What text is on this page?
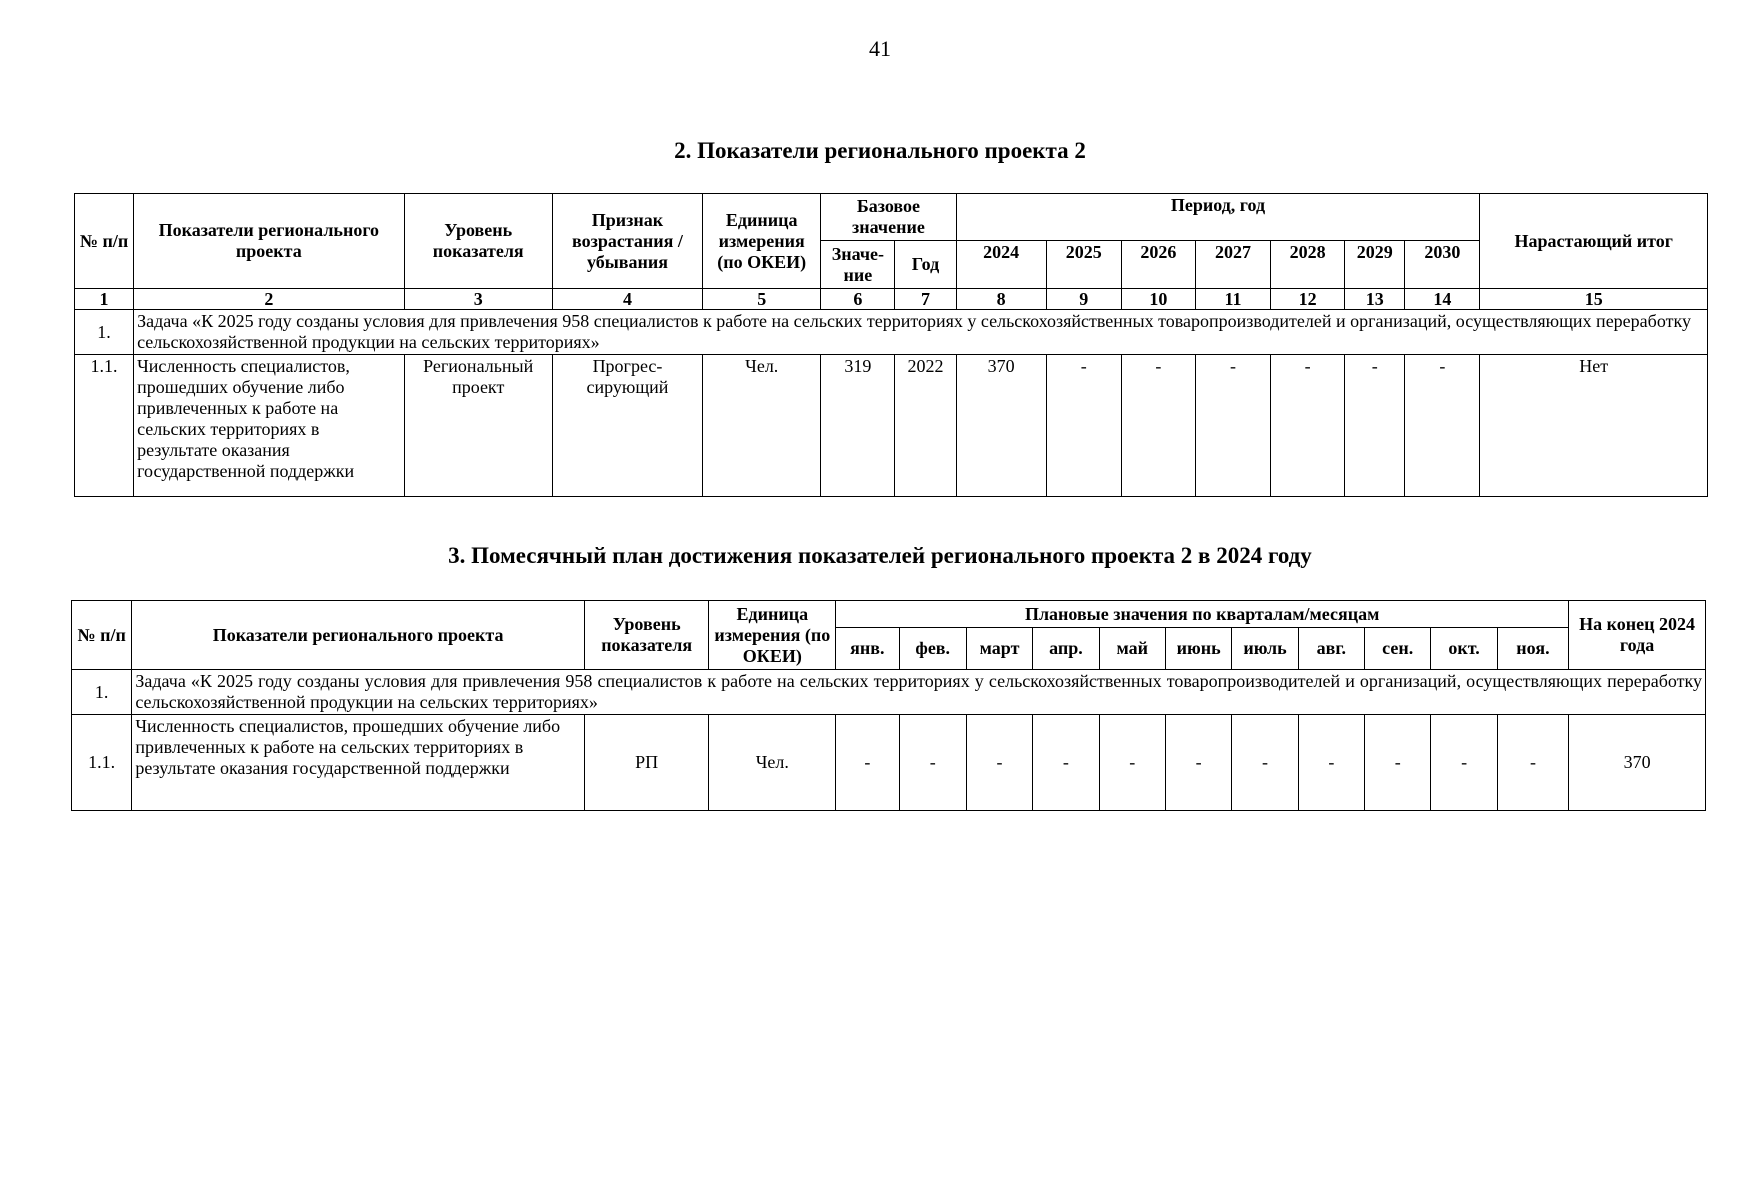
41
2. Показатели регионального проекта 2
№ п/п	Показатели регионального проекта	Уровень показателя	Признак возрастания / убывания	Единица измерения (по ОКЕИ)	Базовое значение		Период, год							Нарастающий итог
					Значе-ние	Год	2024	2025	2026	2027	2028	2029	2030	
1	2	3	4	5	6	7	8	9	10	11	12	13	14	15
1.	Задача «К 2025 году созданы условия для привлечения 958 специалистов к работе на сельских территориях у сельскохозяйственных товаропроизводителей и организаций, осуществляющих переработку сельскохозяйственной продукции на сельских территориях»													
1.1.	Численность специалистов, прошедших обучение либо привлеченных к работе на сельских территориях в результате оказания государственной поддержки	Региональный проект	Прогрес-сирующий	Чел.	319	2022	370	-	-	-	-	-	-	Нет
3. Помесячный план достижения показателей регионального проекта 2 в 2024 году
№ п/п	Показатели регионального проекта	Уровень показателя	Единица измерения (по ОКЕИ)	Плановые значения по кварталам/месяцам											На конец 2024 года
				янв.	фев.	март	апр.	май	июнь	июль	авг.	сен.	окт.	ноя.	
1.	Задача «К 2025 году созданы условия для привлечения 958 специалистов к работе на сельских территориях у сельскохозяйственных товаропроизводителей и организаций, осуществляющих переработку сельскохозяйственной продукции на сельских территориях»														
1.1.	Численность специалистов, прошедших обучение либо привлеченных к работе на сельских территориях в результате оказания государственной поддержки	РП	Чел.	-	-	-	-	-	-	-	-	-	-	-	370
